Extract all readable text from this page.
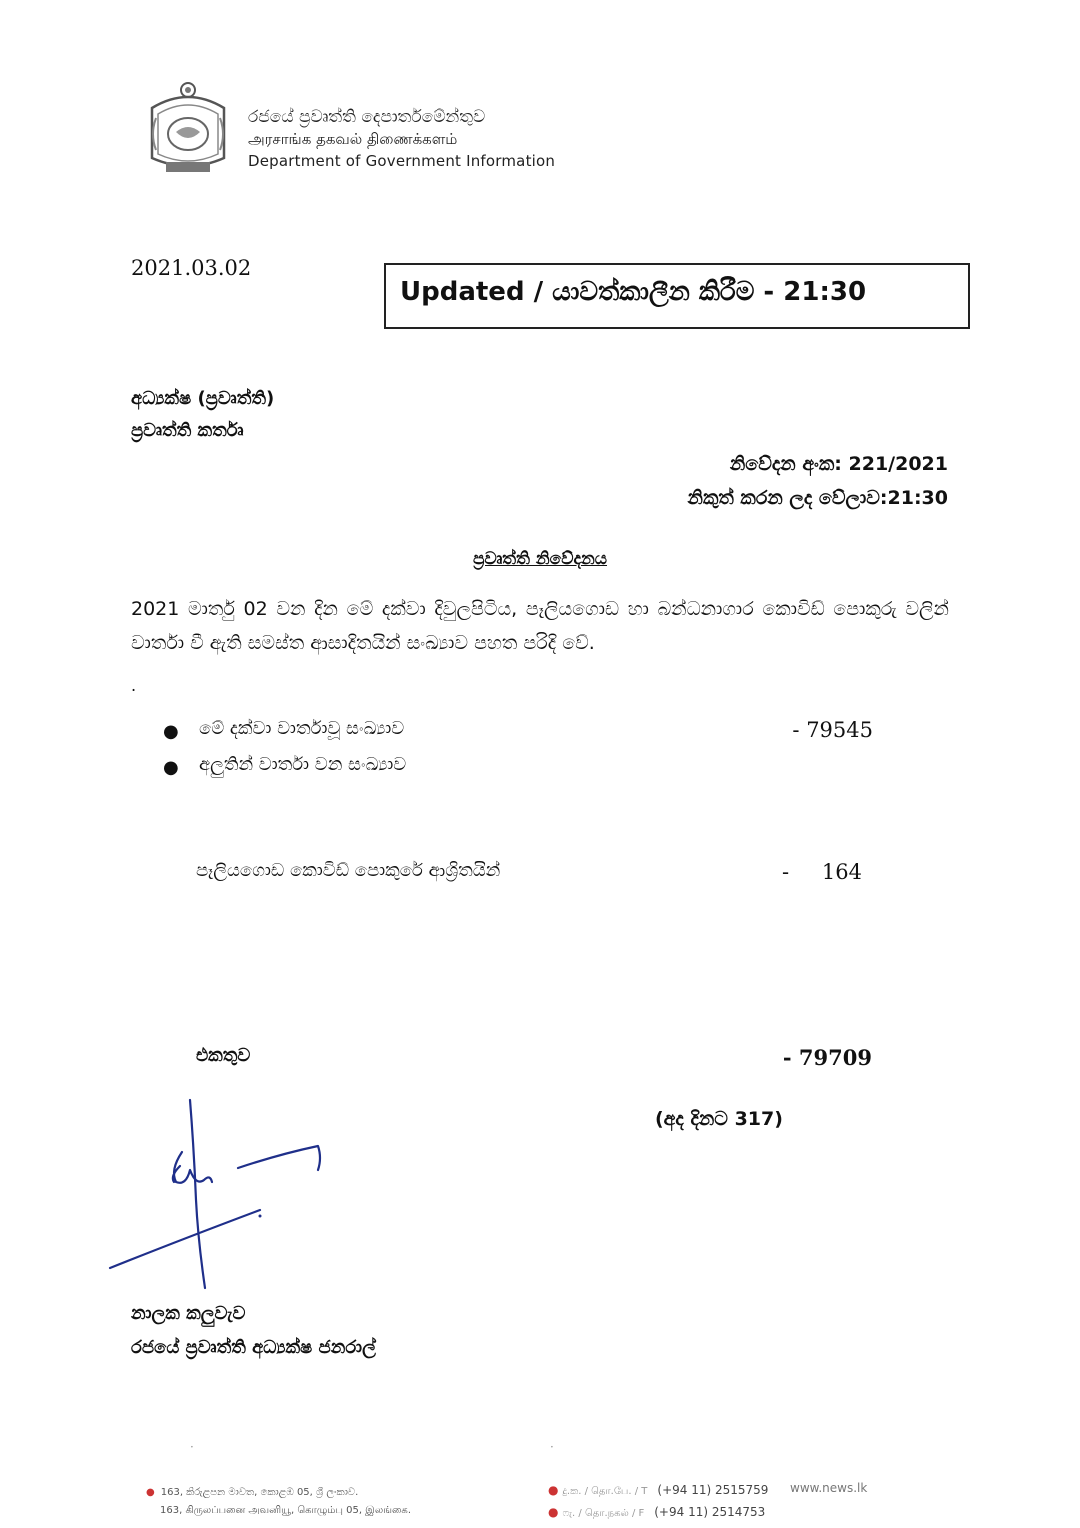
රජයේ ප්‍රවෘත්ති දෙපාර්තමේන්තුව
அரசாங்க தகவல் திணைக்களம்
Department of Government Information
2021.03.02
Updated / යාවත්කාලීන කිරීම - 21:30
අධ්‍යක්ෂ (ප්‍රවෘත්ති)
ප්‍රවෘත්ති කර්තෘ
නිවේදන අංක: 221/2021
නිකුත් කරන ලද වේලාව:21:30
ප්‍රවෘත්ති නිවේදනය
2021 මාර්තු 02 වන දින මේ දක්වා දිවුලපිටිය, පෑලියගොඩ හා බන්ධනාගාර කොවිඩ් පොකුරු වලින් වාර්තා වී ඇති සමස්ත ආසාදිතයින් සංඛ්‍යාව පහත පරිදි වේ.
.
● මේ දක්වා වාර්තාවූ සංඛ්‍යාව	- 79545
● අලුතින් වාර්තා වන සංඛ්‍යාව
පෑලියගොඩ කොවිඩ් පොකුරේ ආශ්‍රිතයින්	- 164
එකතුව	- 79709
(අද දිනට 317)
නාලක කලුවැව
රජයේ ප්‍රවෘත්ති අධ්‍යක්ෂ ජනරාල්
·	·
● 163, කිරුළපන මාවත, කොළඹ 05, ශ්‍රී ලංකාව.
163, கிருலப்பனை அவனியூ, கொழும்பு 05, இலங்கை.
● දු.ක. / தொ.பே. / T (+94 11) 2515759
● ෆැ. / தொ.நகல் / F (+94 11) 2514753
www.news.lk
